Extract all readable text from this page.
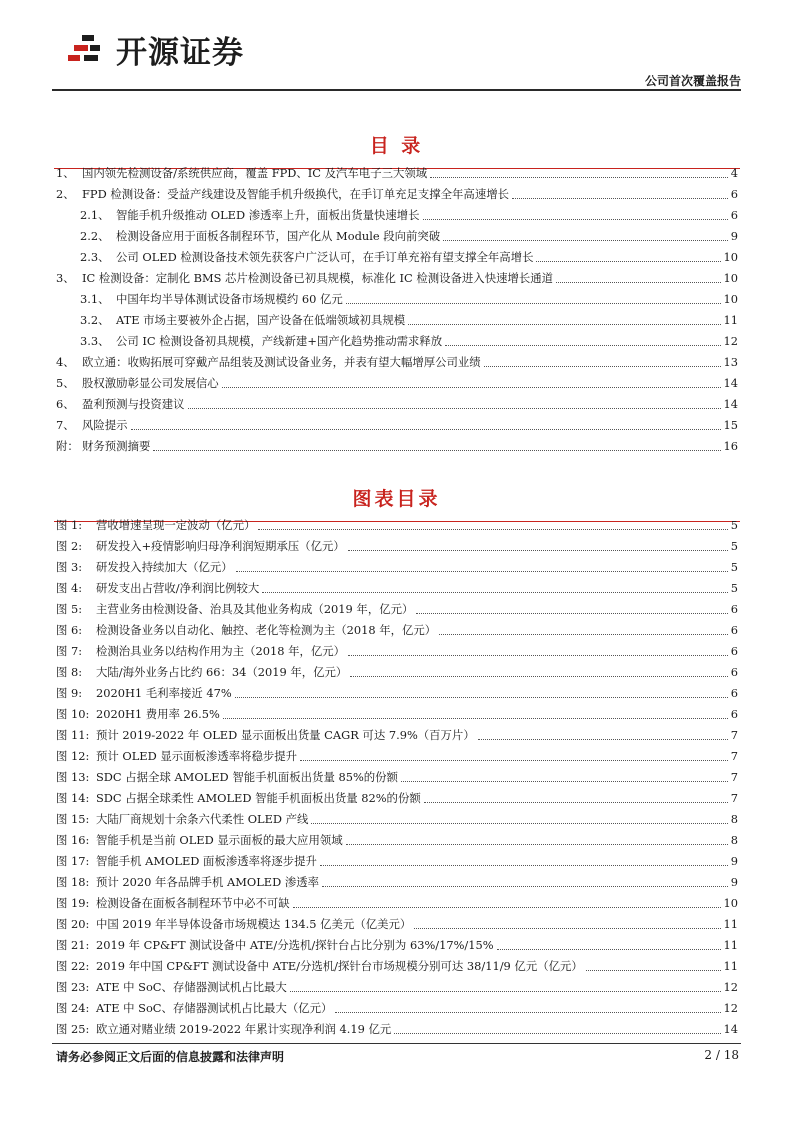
开源证券
公司首次覆盖报告
目 录
1、 国内领先检测设备/系统供应商，覆盖 FPD、IC 及汽车电子三大领域	4
2、 FPD 检测设备：受益产线建设及智能手机升级换代，在手订单充足支撑全年高速增长	6
2.1、 智能手机升级推动 OLED 渗透率上升，面板出货量快速增长	6
2.2、 检测设备应用于面板各制程环节，国产化从 Module 段向前突破	9
2.3、 公司 OLED 检测设备技术领先获客户广泛认可，在手订单充裕有望支撑全年高增长	10
3、 IC 检测设备：定制化 BMS 芯片检测设备已初具规模，标准化 IC 检测设备进入快速增长通道	10
3.1、 中国年均半导体测试设备市场规模约 60 亿元	10
3.2、 ATE 市场主要被外企占据，国产设备在低端领域初具规模	11
3.3、 公司 IC 检测设备初具规模，产线新建+国产化趋势推动需求释放	12
4、 欧立通：收购拓展可穿戴产品组装及测试设备业务，并表有望大幅增厚公司业绩	13
5、 股权激励彰显公司发展信心	14
6、 盈利预测与投资建议	14
7、 风险提示	15
附： 财务预测摘要	16
图表目录
图 1:	营收增速呈现一定波动（亿元）	5
图 2:	研发投入+疫情影响归母净利润短期承压（亿元）	5
图 3:	研发投入持续加大（亿元）	5
图 4:	研发支出占营收/净利润比例较大	5
图 5:	主营业务由检测设备、治具及其他业务构成（2019 年，亿元）	6
图 6:	检测设备业务以自动化、触控、老化等检测为主（2018 年，亿元）	6
图 7:	检测治具业务以结构作用为主（2018 年，亿元）	6
图 8:	大陆/海外业务占比约 66：34（2019 年，亿元）	6
图 9:	2020H1 毛利率接近 47%	6
图 10: 2020H1 费用率 26.5%	6
图 11: 预计 2019-2022 年 OLED 显示面板出货量 CAGR 可达 7.9%（百万片）	7
图 12: 预计 OLED 显示面板渗透率将稳步提升	7
图 13: SDC 占据全球 AMOLED 智能手机面板出货量 85%的份额	7
图 14: SDC 占据全球柔性 AMOLED 智能手机面板出货量 82%的份额	7
图 15: 大陆厂商规划十余条六代柔性 OLED 产线	8
图 16: 智能手机是当前 OLED 显示面板的最大应用领域	8
图 17: 智能手机 AMOLED 面板渗透率将逐步提升	9
图 18: 预计 2020 年各品牌手机 AMOLED 渗透率	9
图 19: 检测设备在面板各制程环节中必不可缺	10
图 20: 中国 2019 年半导体设备市场规模达 134.5 亿美元（亿美元）	11
图 21: 2019 年 CP&FT 测试设备中 ATE/分选机/探针台占比分别为 63%/17%/15%	11
图 22: 2019 年中国 CP&FT 测试设备中 ATE/分选机/探针台市场规模分别可达 38/11/9 亿元（亿元）	11
图 23: ATE 中 SoC、存储器测试机占比最大	12
图 24: ATE 中 SoC、存储器测试机占比最大（亿元）	12
图 25: 欧立通对赌业绩 2019-2022 年累计实现净利润 4.19 亿元	14
请务必参阅正文后面的信息披露和法律声明	2 / 18
